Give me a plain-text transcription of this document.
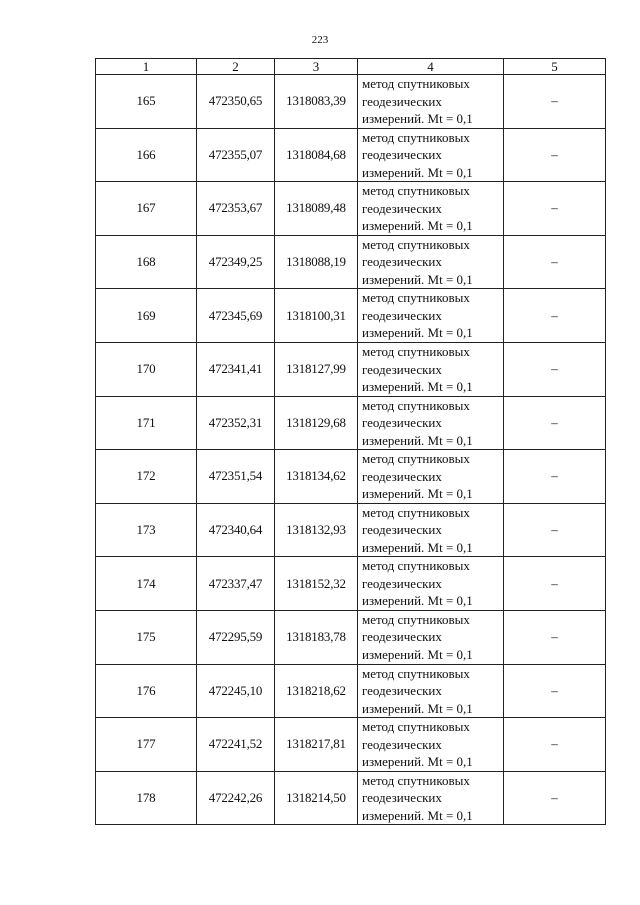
223
1	2	3	4	5
165	472350,65	1318083,39	метод спутниковых
геодезических
измерений. Mt = 0,1	–
166	472355,07	1318084,68	метод спутниковых
геодезических
измерений. Mt = 0,1	–
167	472353,67	1318089,48	метод спутниковых
геодезических
измерений. Mt = 0,1	–
168	472349,25	1318088,19	метод спутниковых
геодезических
измерений. Mt = 0,1	–
169	472345,69	1318100,31	метод спутниковых
геодезических
измерений. Mt = 0,1	–
170	472341,41	1318127,99	метод спутниковых
геодезических
измерений. Mt = 0,1	–
171	472352,31	1318129,68	метод спутниковых
геодезических
измерений. Mt = 0,1	–
172	472351,54	1318134,62	метод спутниковых
геодезических
измерений. Mt = 0,1	–
173	472340,64	1318132,93	метод спутниковых
геодезических
измерений. Mt = 0,1	–
174	472337,47	1318152,32	метод спутниковых
геодезических
измерений. Mt = 0,1	–
175	472295,59	1318183,78	метод спутниковых
геодезических
измерений. Mt = 0,1	–
176	472245,10	1318218,62	метод спутниковых
геодезических
измерений. Mt = 0,1	–
177	472241,52	1318217,81	метод спутниковых
геодезических
измерений. Mt = 0,1	–
178	472242,26	1318214,50	метод спутниковых
геодезических
измерений. Mt = 0,1	–
